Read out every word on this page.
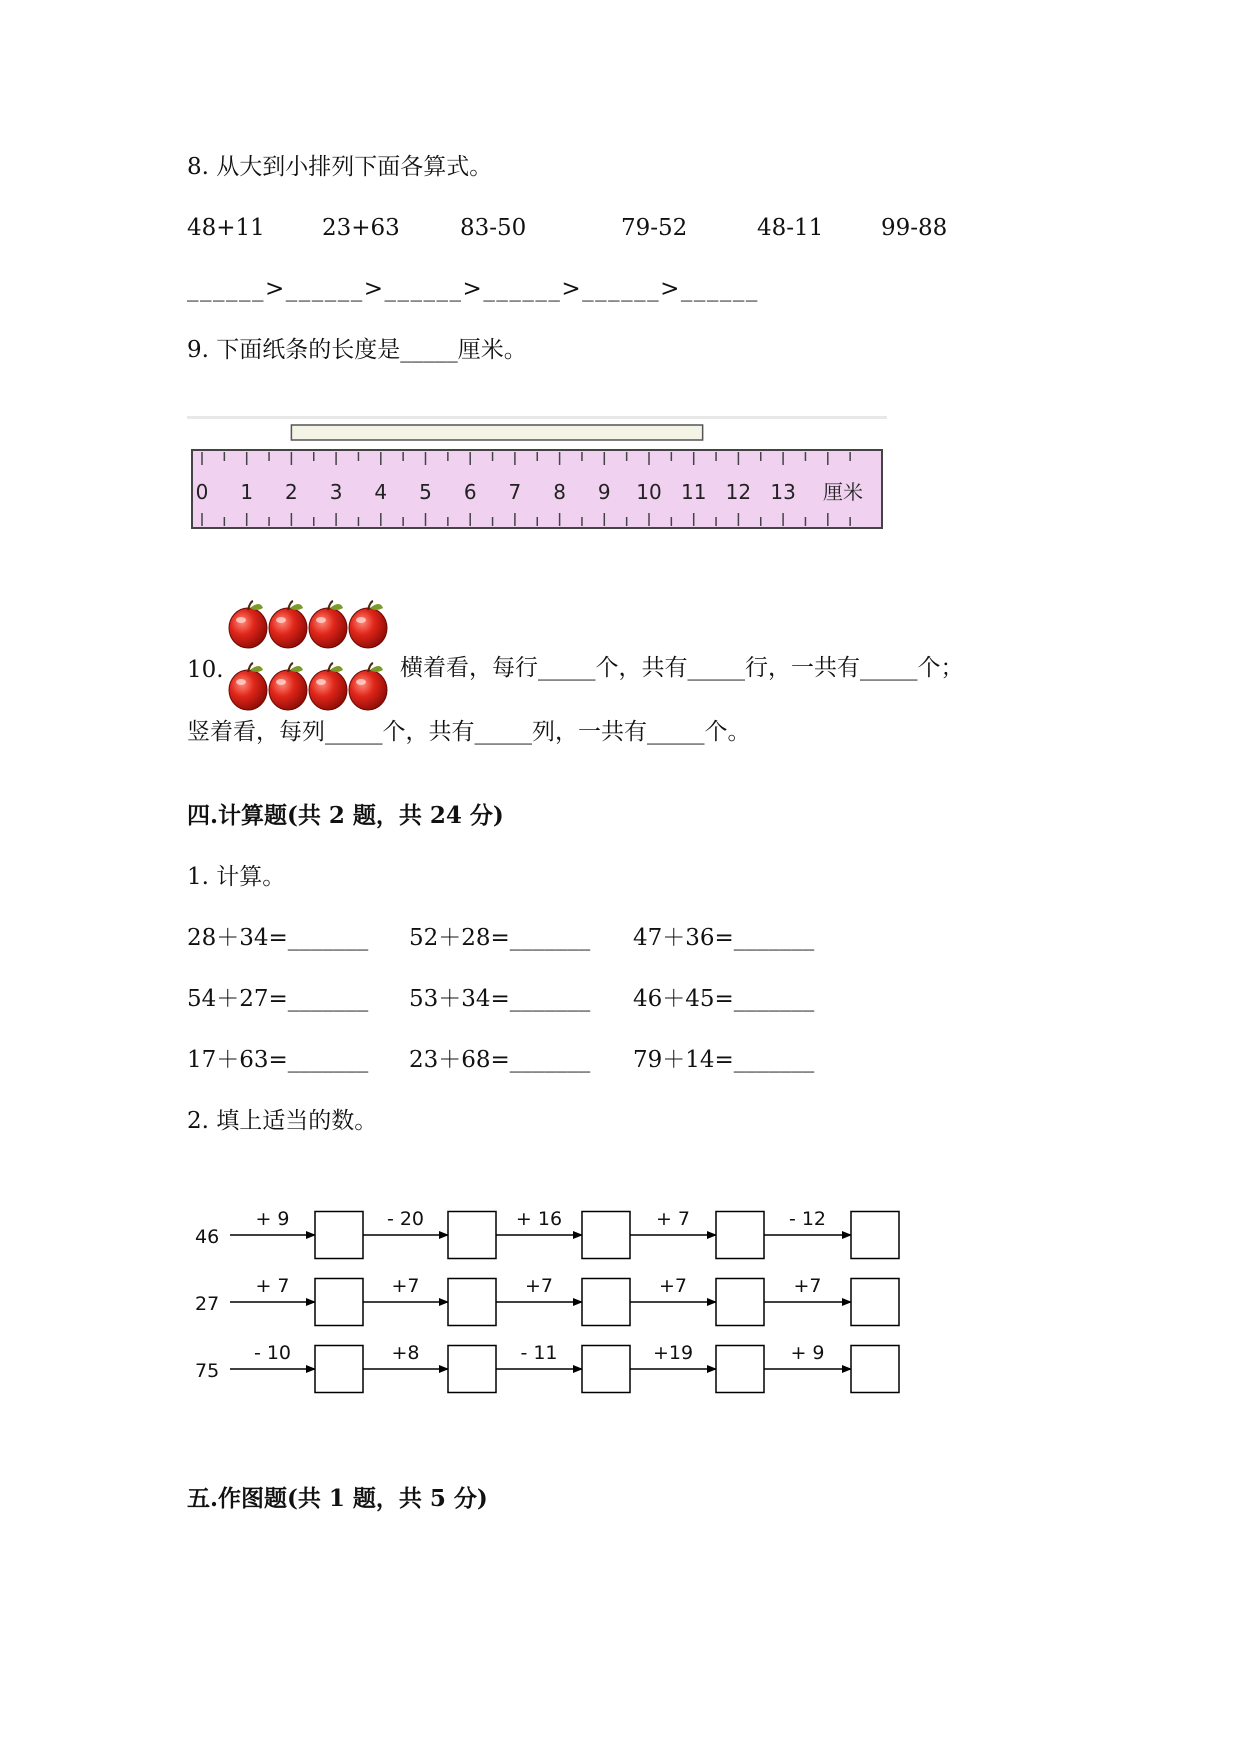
8. 从大到小排列下面各算式。
48+11 23+63	83-50	79-52	48-11	99-88
______>______>______>______>______>______
9. 下面纸条的长度是_____厘米。
0 1 2 3 4 5 6 7 8 9 10 11 12 13 厘米
10.	横着看，每行_____个，共有_____行，一共有_____个；
竖着看，每列_____个，共有_____列，一共有_____个。
四.计算题(共 2 题，共 24 分)
1. 计算。
28＋34=_______ 52＋28=_______ 47＋36=_______
54＋27=_______ 53＋34=_______ 46＋45=_______
17＋63=_______ 23＋68=_______ 79＋14=_______
2. 填上适当的数。
46
+ 9	- 20	+ 16	+ 7	- 12
27
+ 7	+7	+7	+7	+7
75
- 10	+8	- 11	+19	+ 9
五.作图题(共 1 题，共 5 分)
